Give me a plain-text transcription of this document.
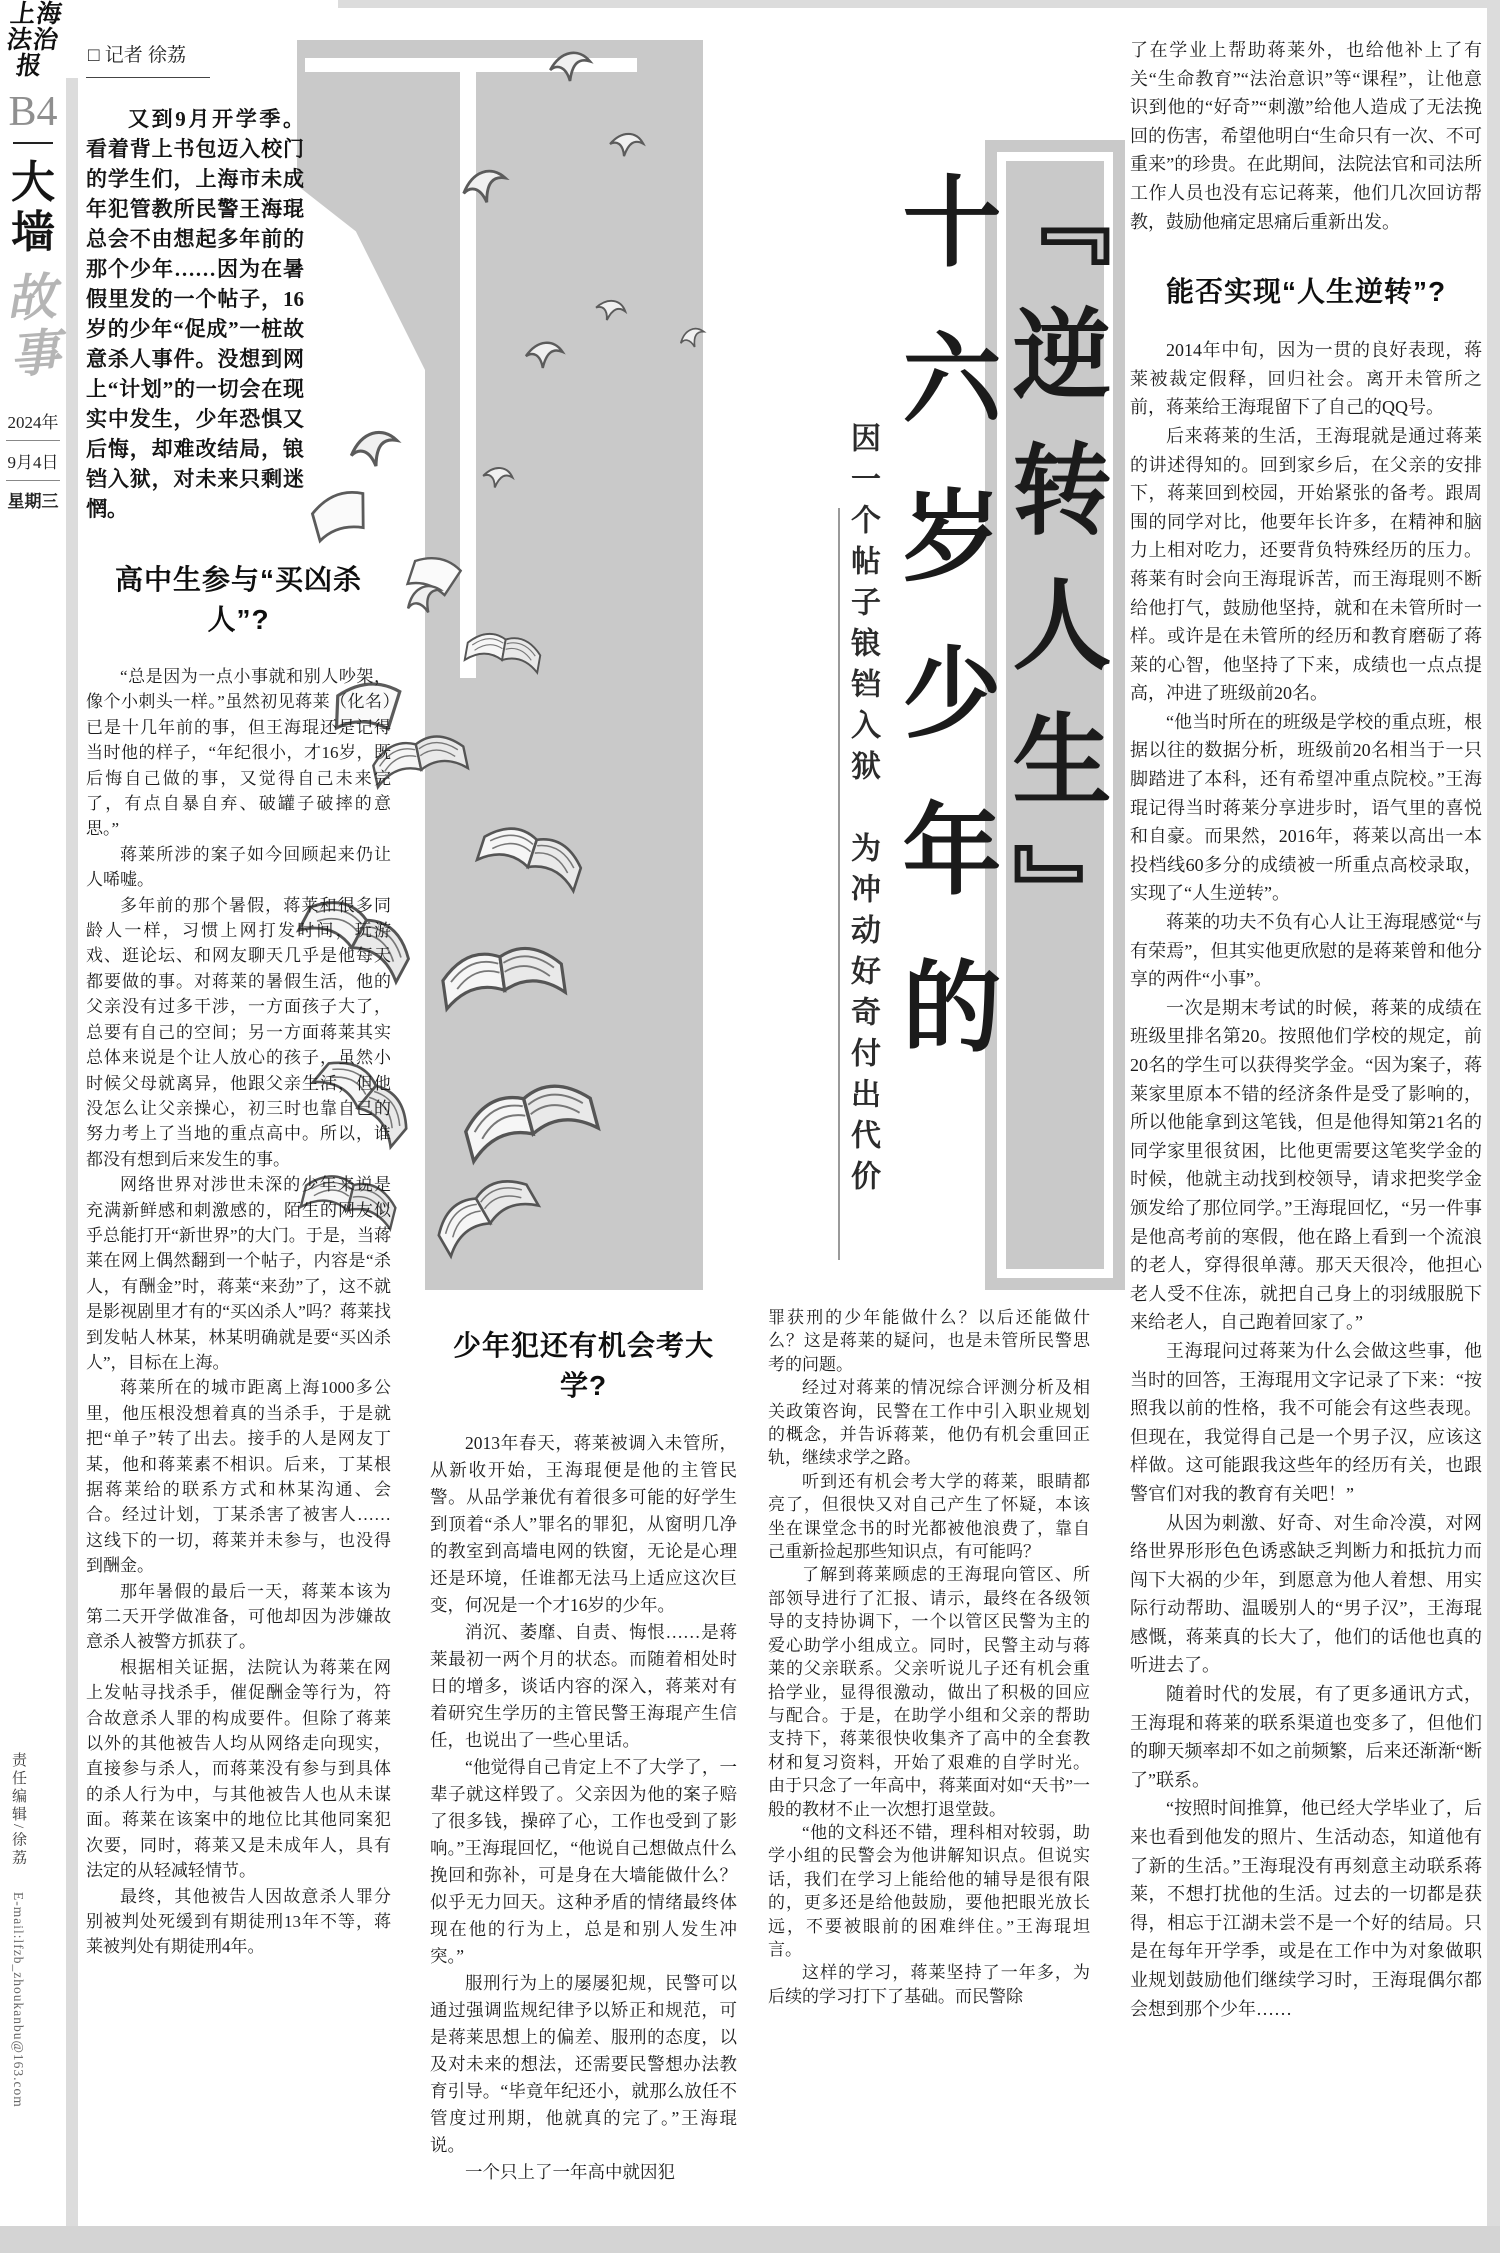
上海法治报
B4
大墙
故事
2024年
9月4日
星期三
责任编辑/徐荔 E-mail:lfzb_zhoukanbu@163.com
因一个帖子锒铛入狱　为冲动好奇付出代价 十六岁少年的 『逆转人生』
□ 记者 徐荔

又到9月开学季。看着背上书包迈入校门的学生们，上海市未成年犯管教所民警王海琨总会不由想起多年前的那个少年……因为在暑假里发的一个帖子，16岁的少年“促成”一桩故意杀人事件。没想到网上“计划”的一切会在现实中发生，少年恐惧又后悔，却难改结局，锒铛入狱，对未来只剩迷惘。

高中生参与“买凶杀人”?

“总是因为一点小事就和别人吵架，像个小刺头一样。”虽然初见蒋莱（化名）已是十几年前的事，但王海琨还是记得当时他的样子，“年纪很小，才16岁，既后悔自己做的事，又觉得自己未来完了，有点自暴自弃、破罐子破摔的意思。”

蒋莱所涉的案子如今回顾起来仍让人唏嘘。

多年前的那个暑假，蒋莱和很多同龄人一样，习惯上网打发时间，玩游戏、逛论坛、和网友聊天几乎是他每天都要做的事。对蒋莱的暑假生活，他的父亲没有过多干涉，一方面孩子大了，总要有自己的空间；另一方面蒋莱其实总体来说是个让人放心的孩子，虽然小时候父母就离异，他跟父亲生活，但他没怎么让父亲操心，初三时也靠自己的努力考上了当地的重点高中。所以，谁都没有想到后来发生的事。

网络世界对涉世未深的少年来说是充满新鲜感和刺激感的，陌生的网友似乎总能打开“新世界”的大门。于是，当蒋莱在网上偶然翻到一个帖子，内容是“杀人，有酬金”时，蒋莱“来劲”了，这不就是影视剧里才有的“买凶杀人”吗？蒋莱找到发帖人林某，林某明确就是要“买凶杀人”，目标在上海。

蒋莱所在的城市距离上海1000多公里，他压根没想着真的当杀手，于是就把“单子”转了出去。接手的人是网友丁某，他和蒋莱素不相识。后来，丁某根据蒋莱给的联系方式和林某沟通、会合。经过计划，丁某杀害了被害人……这线下的一切，蒋莱并未参与，也没得到酬金。

那年暑假的最后一天，蒋莱本该为第二天开学做准备，可他却因为涉嫌故意杀人被警方抓获了。

根据相关证据，法院认为蒋莱在网上发帖寻找杀手，催促酬金等行为，符合故意杀人罪的构成要件。但除了蒋莱以外的其他被告人均从网络走向现实，直接参与杀人，而蒋莱没有参与到具体的杀人行为中，与其他被告人也从未谋面。蒋莱在该案中的地位比其他同案犯次要，同时，蒋莱又是未成年人，具有法定的从轻减轻情节。

最终，其他被告人因故意杀人罪分别被判处死缓到有期徒刑13年不等，蒋莱被判处有期徒刑4年。

少年犯还有机会考大学?

2013年春天，蒋莱被调入未管所，从新收开始，王海琨便是他的主管民警。从品学兼优有着很多可能的好学生到顶着“杀人”罪名的罪犯，从窗明几净的教室到高墙电网的铁窗，无论是心理还是环境，任谁都无法马上适应这次巨变，何况是一个才16岁的少年。

消沉、萎靡、自责、悔恨……是蒋莱最初一两个月的状态。而随着相处时日的增多，谈话内容的深入，蒋莱对有着研究生学历的主管民警王海琨产生信任，也说出了一些心里话。

“他觉得自己肯定上不了大学了，一辈子就这样毁了。父亲因为他的案子赔了很多钱，操碎了心，工作也受到了影响。”王海琨回忆，“他说自己想做点什么挽回和弥补，可是身在大墙能做什么？似乎无力回天。这种矛盾的情绪最终体现在他的行为上，总是和别人发生冲突。”

服刑行为上的屡屡犯规，民警可以通过强调监规纪律予以矫正和规范，可是蒋莱思想上的偏差、服刑的态度，以及对未来的想法，还需要民警想办法教育引导。“毕竟年纪还小，就那么放任不管度过刑期，他就真的完了。”王海琨说。

一个只上了一年高中就因犯

罪获刑的少年能做什么？以后还能做什么？这是蒋莱的疑问，也是未管所民警思考的问题。

经过对蒋莱的情况综合评测分析及相关政策咨询，民警在工作中引入职业规划的概念，并告诉蒋莱，他仍有机会重回正轨，继续求学之路。

听到还有机会考大学的蒋莱，眼睛都亮了，但很快又对自己产生了怀疑，本该坐在课堂念书的时光都被他浪费了，靠自己重新捡起那些知识点，有可能吗？

了解到蒋莱顾虑的王海琨向管区、所部领导进行了汇报、请示，最终在各级领导的支持协调下，一个以管区民警为主的爱心助学小组成立。同时，民警主动与蒋莱的父亲联系。父亲听说儿子还有机会重拾学业，显得很激动，做出了积极的回应与配合。于是，在助学小组和父亲的帮助支持下，蒋莱很快收集齐了高中的全套教材和复习资料，开始了艰难的自学时光。由于只念了一年高中，蒋莱面对如“天书”一般的教材不止一次想打退堂鼓。

“他的文科还不错，理科相对较弱，助学小组的民警会为他讲解知识点。但说实话，我们在学习上能给他的辅导是很有限的，更多还是给他鼓励，要他把眼光放长远，不要被眼前的困难绊住。”王海琨坦言。

这样的学习，蒋莱坚持了一年多，为后续的学习打下了基础。而民警除

了在学业上帮助蒋莱外，也给他补上了有关“生命教育”“法治意识”等“课程”，让他意识到他的“好奇”“刺激”给他人造成了无法挽回的伤害，希望他明白“生命只有一次、不可重来”的珍贵。在此期间，法院法官和司法所工作人员也没有忘记蒋莱，他们几次回访帮教，鼓励他痛定思痛后重新出发。

能否实现“人生逆转”?

2014年中旬，因为一贯的良好表现，蒋莱被裁定假释，回归社会。离开未管所之前，蒋莱给王海琨留下了自己的QQ号。

后来蒋莱的生活，王海琨就是通过蒋莱的讲述得知的。回到家乡后，在父亲的安排下，蒋莱回到校园，开始紧张的备考。跟周围的同学对比，他要年长许多，在精神和脑力上相对吃力，还要背负特殊经历的压力。蒋莱有时会向王海琨诉苦，而王海琨则不断给他打气，鼓励他坚持，就和在未管所时一样。或许是在未管所的经历和教育磨砺了蒋莱的心智，他坚持了下来，成绩也一点点提高，冲进了班级前20名。

“他当时所在的班级是学校的重点班，根据以往的数据分析，班级前20名相当于一只脚踏进了本科，还有希望冲重点院校。”王海琨记得当时蒋莱分享进步时，语气里的喜悦和自豪。而果然，2016年，蒋莱以高出一本投档线60多分的成绩被一所重点高校录取，实现了“人生逆转”。

蒋莱的功夫不负有心人让王海琨感觉“与有荣焉”，但其实他更欣慰的是蒋莱曾和他分享的两件“小事”。

一次是期末考试的时候，蒋莱的成绩在班级里排名第20。按照他们学校的规定，前20名的学生可以获得奖学金。“因为案子，蒋莱家里原本不错的经济条件是受了影响的，所以他能拿到这笔钱，但是他得知第21名的同学家里很贫困，比他更需要这笔奖学金的时候，他就主动找到校领导，请求把奖学金颁发给了那位同学。”王海琨回忆，“另一件事是他高考前的寒假，他在路上看到一个流浪的老人，穿得很单薄。那天天很冷，他担心老人受不住冻，就把自己身上的羽绒服脱下来给老人，自己跑着回家了。”

王海琨问过蒋莱为什么会做这些事，他当时的回答，王海琨用文字记录了下来：“按照我以前的性格，我不可能会有这些表现。但现在，我觉得自己是一个男子汉，应该这样做。这可能跟我这些年的经历有关，也跟警官们对我的教育有关吧！”

从因为刺激、好奇、对生命冷漠，对网络世界形形色色诱惑缺乏判断力和抵抗力而闯下大祸的少年，到愿意为他人着想、用实际行动帮助、温暖别人的“男子汉”，王海琨感慨，蒋莱真的长大了，他们的话他也真的听进去了。

随着时代的发展，有了更多通讯方式，王海琨和蒋莱的联系渠道也变多了，但他们的聊天频率却不如之前频繁，后来还渐渐“断了”联系。

“按照时间推算，他已经大学毕业了，后来也看到他发的照片、生活动态，知道他有了新的生活。”王海琨没有再刻意主动联系蒋莱，不想打扰他的生活。过去的一切都是获得，相忘于江湖未尝不是一个好的结局。只是在每年开学季，或是在工作中为对象做职业规划鼓励他们继续学习时，王海琨偶尔都会想到那个少年……
